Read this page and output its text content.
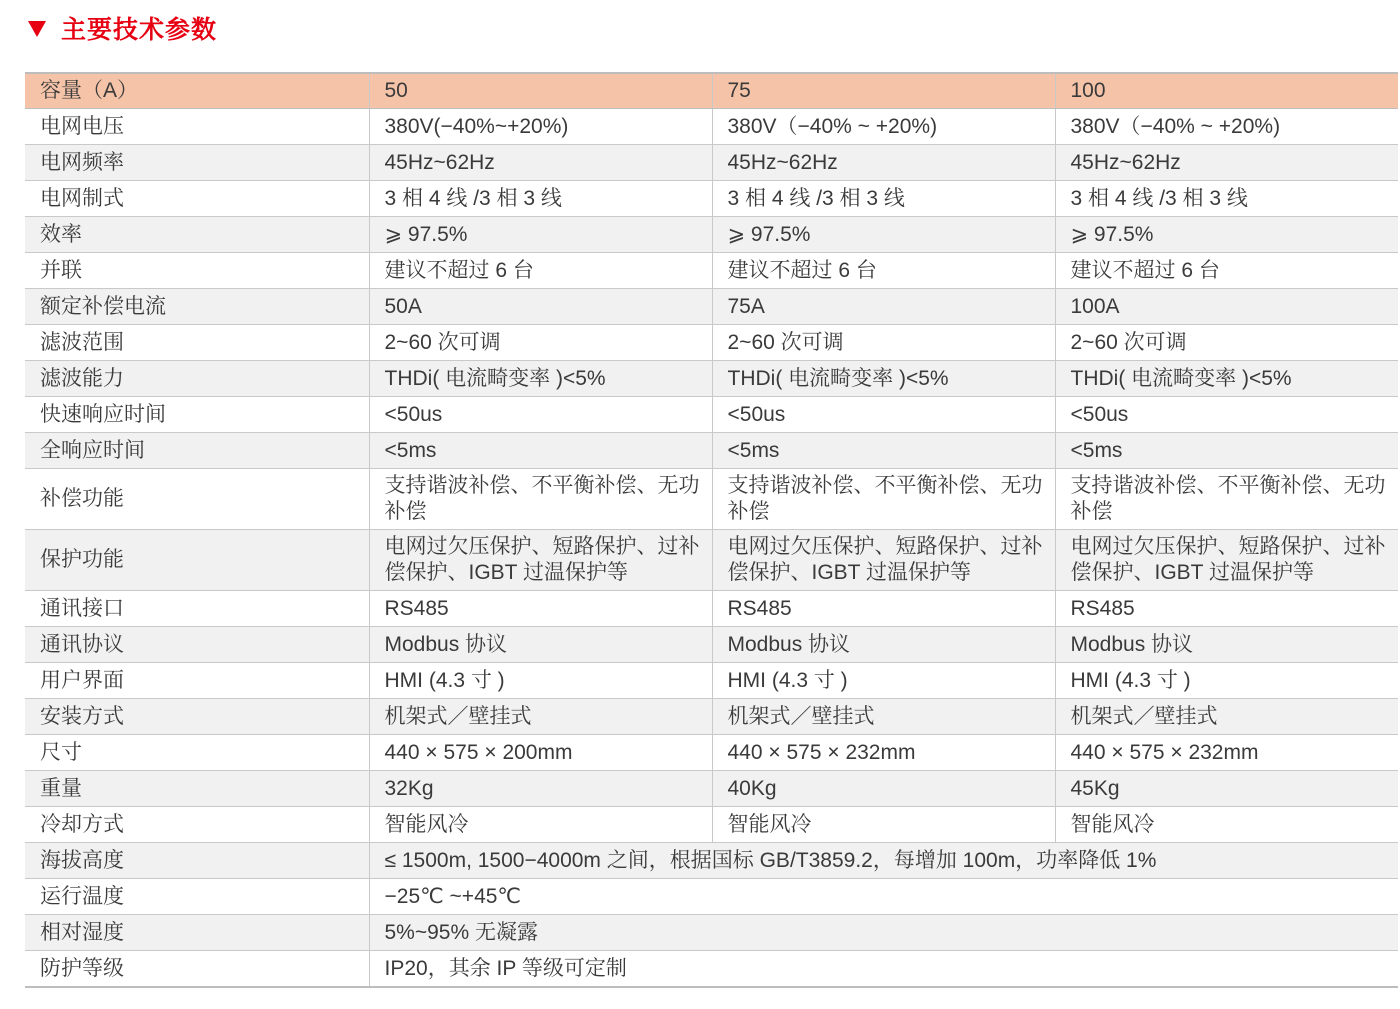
主要技术参数
容量（A）	50	75	100
电网电压	380V(−40%~+20%)	380V（−40% ~ +20%)	380V（−40% ~ +20%)
电网频率	45Hz~62Hz	45Hz~62Hz	45Hz~62Hz
电网制式	3 相 4 线 /3 相 3 线	3 相 4 线 /3 相 3 线	3 相 4 线 /3 相 3 线
效率	⩾ 97.5%	⩾ 97.5%	⩾ 97.5%
并联	建议不超过 6 台	建议不超过 6 台	建议不超过 6 台
额定补偿电流	50A	75A	100A
滤波范围	2~60 次可调	2~60 次可调	2~60 次可调
滤波能力	THDi( 电流畸变率 )<5%	THDi( 电流畸变率 )<5%	THDi( 电流畸变率 )<5%
快速响应时间	<50us	<50us	<50us
全响应时间	<5ms	<5ms	<5ms
补偿功能	支持谐波补偿、不平衡补偿、无功补偿	支持谐波补偿、不平衡补偿、无功补偿	支持谐波补偿、不平衡补偿、无功补偿
保护功能	电网过欠压保护、短路保护、过补偿保护、IGBT 过温保护等	电网过欠压保护、短路保护、过补偿保护、IGBT 过温保护等	电网过欠压保护、短路保护、过补偿保护、IGBT 过温保护等
通讯接口	RS485	RS485	RS485
通讯协议	Modbus 协议	Modbus 协议	Modbus 协议
用户界面	HMI (4.3 寸 )	HMI (4.3 寸 )	HMI (4.3 寸 )
安装方式	机架式／壁挂式	机架式／壁挂式	机架式／壁挂式
尺寸	440 × 575 × 200mm	440 × 575 × 232mm	440 × 575 × 232mm
重量	32Kg	40Kg	45Kg
冷却方式	智能风冷	智能风冷	智能风冷
海拔高度	≤ 1500m, 1500−4000m 之间，根据国标 GB/T3859.2，每增加 100m，功率降低 1%		
运行温度	−25℃ ~+45℃		
相对湿度	5%~95% 无凝露		
防护等级	IP20，其余 IP 等级可定制		
